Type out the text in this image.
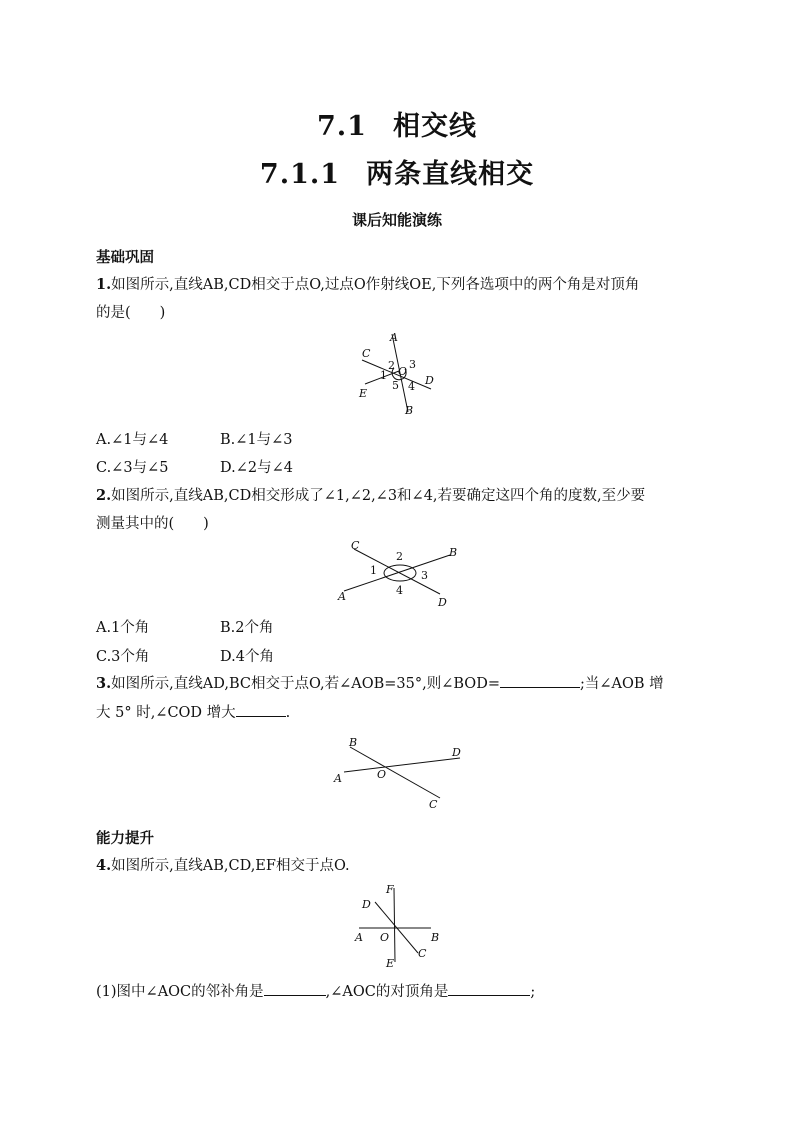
7.1 相交线
7.1.1 两条直线相交
课后知能演练
基础巩固
1.如图所示,直线AB,CD相交于点O,过点O作射线OE,下列各选项中的两个角是对顶角
的是(　　)
A
B
C
D
E
O
1
2 3
4
5
A.∠1与∠4	B.∠1与∠3
C.∠3与∠5	D.∠2与∠4
2.如图所示,直线AB,CD相交形成了∠1,∠2,∠3和∠4,若要确定这四个角的度数,至少要
测量其中的(　　)
A
B
C
D
1
2
3
4
A.1个角	B.2个角
C.3个角	D.4个角
3.如图所示,直线AD,BC相交于点O,若∠AOB=35°,则∠BOD=	;当∠AOB 增
大 5° 时,∠COD 增大	.
A
B
C
D
O
能力提升
4.如图所示,直线AB,CD,EF相交于点O.
A	B
C
D
E
F
O
(1)图中∠AOC的邻补角是	,∠AOC的对顶角是	;
